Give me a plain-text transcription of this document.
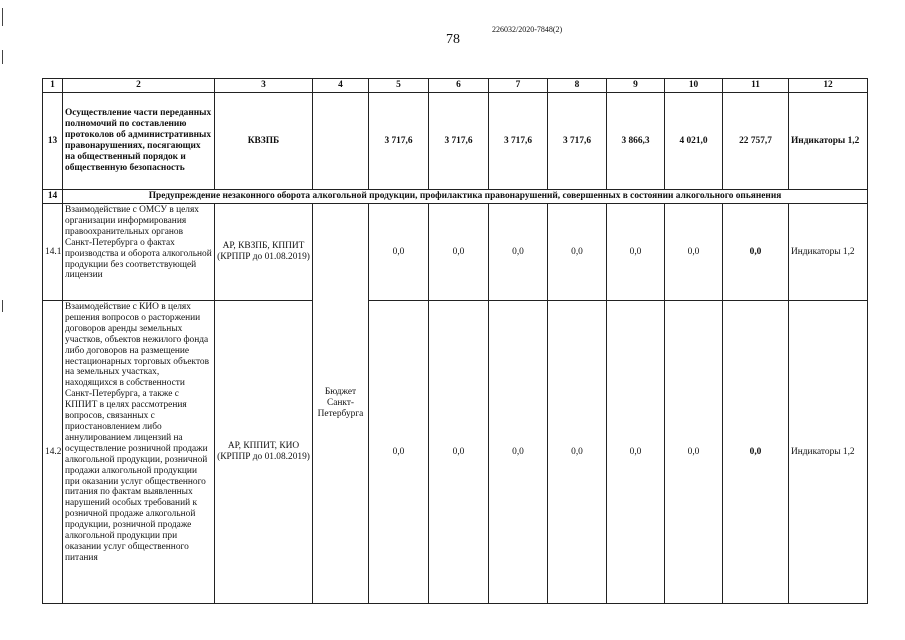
226032/2020-7848(2)
78
1	2	3	4	5	6	7	8	9	10	11	12
13	Осуществление части переданных полномочий по составлению протоколов об административных правонарушениях, посягающих на общественный порядок и общественную безопасность	КВЗПБ		3 717,6	3 717,6	3 717,6	3 717,6	3 866,3	4 021,0	22 757,7	Индикаторы 1,2
14	Предупреждение незаконного оборота алкогольной продукции, профилактика правонарушений, совершенных в состоянии алкогольного опьянения										
14.1	Взаимодействие с ОМСУ в целях организации информирования правоохранительных органов Санкт-Петербурга о фактах производства и оборота алкогольной продукции без соответствующей лицензии	АР, КВЗПБ, КППИТ (КРППР до 01.08.2019)	Бюджет Санкт-Петербурга	0,0	0,0	0,0	0,0	0,0	0,0	0,0	Индикаторы 1,2
14.2	Взаимодействие с КИО в целях решения вопросов о расторжении договоров аренды земельных участков, объектов нежилого фонда либо договоров на размещение нестационарных торговых объектов на земельных участках, находящихся в собственности Санкт-Петербурга, а также с КППИТ в целях рассмотрения вопросов, связанных с приостановлением либо аннулированием лицензий на осуществление розничной продажи алкогольной продукции, розничной продажи алкогольной продукции при оказании услуг общественного питания по фактам выявленных нарушений особых требований к розничной продаже алкогольной продукции, розничной продаже алкогольной продукции при оказании услуг общественного питания	АР, КППИТ, КИО (КРППР до 01.08.2019)		0,0	0,0	0,0	0,0	0,0	0,0	0,0	Индикаторы 1,2
